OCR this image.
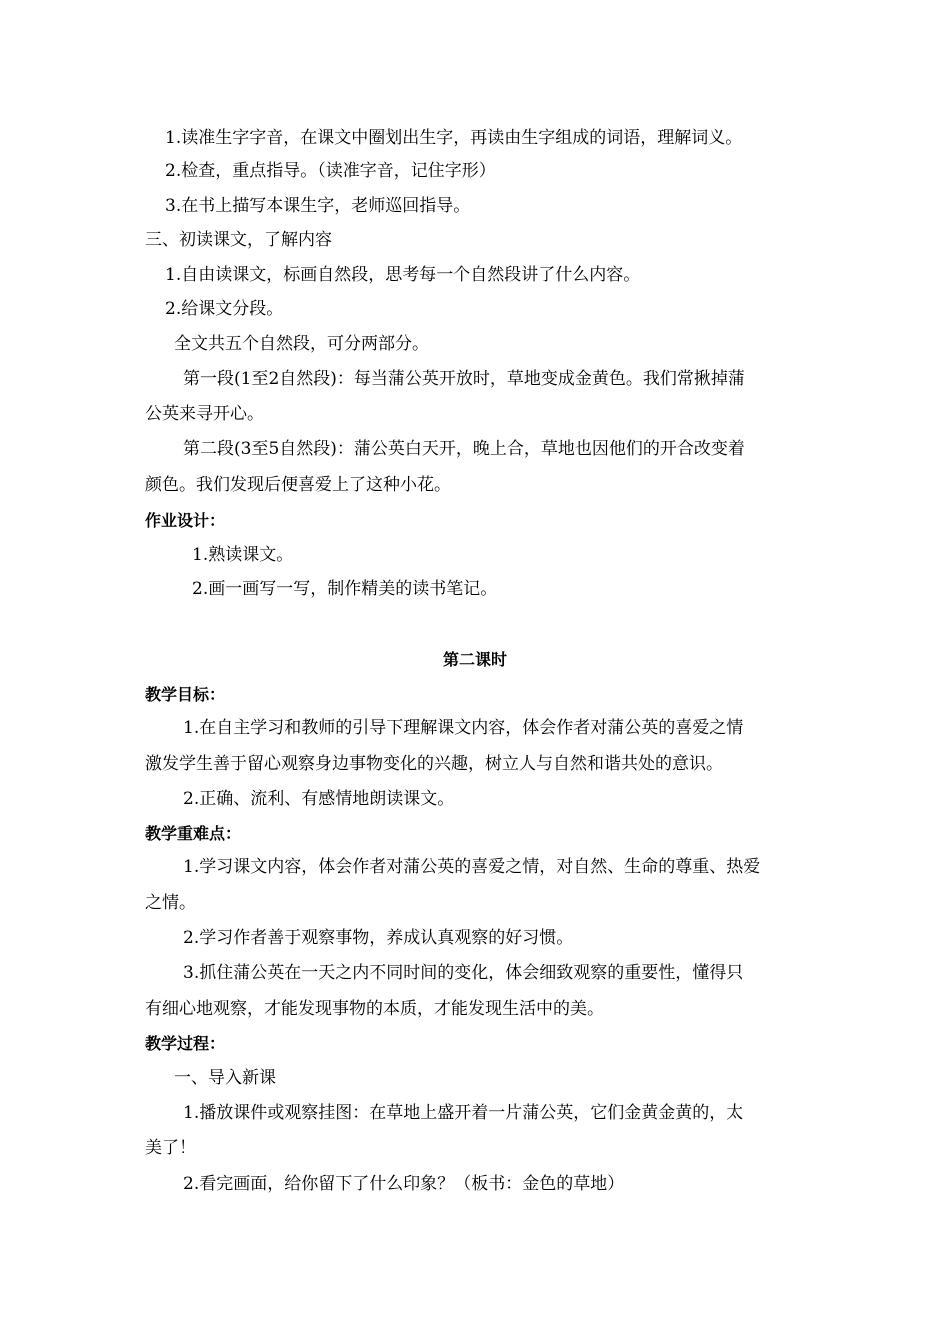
1.读准生字字音，在课文中圈划出生字，再读由生字组成的词语，理解词义。
2.检查，重点指导。（读准字音，记住字形）
3.在书上描写本课生字，老师巡回指导。
三、初读课文，了解内容
1.自由读课文，标画自然段，思考每一个自然段讲了什么内容。
2.给课文分段。
全文共五个自然段，可分两部分。
第一段(1至2自然段)：每当蒲公英开放时，草地变成金黄色。我们常揪掉蒲
公英来寻开心。
第二段(3至5自然段)：蒲公英白天开，晚上合，草地也因他们的开合改变着
颜色。我们发现后便喜爱上了这种小花。
作业设计：
1.熟读课文。
2.画一画写一写，制作精美的读书笔记。
第二课时
教学目标：
1.在自主学习和教师的引导下理解课文内容，体会作者对蒲公英的喜爱之情
激发学生善于留心观察身边事物变化的兴趣，树立人与自然和谐共处的意识。
2.正确、流利、有感情地朗读课文。
教学重难点：
1.学习课文内容，体会作者对蒲公英的喜爱之情，对自然、生命的尊重、热爱
之情。
2.学习作者善于观察事物，养成认真观察的好习惯。
3.抓住蒲公英在一天之内不同时间的变化，体会细致观察的重要性，懂得只
有细心地观察，才能发现事物的本质，才能发现生活中的美。
教学过程：
一、导入新课
1.播放课件或观察挂图：在草地上盛开着一片蒲公英，它们金黄金黄的，太
美了！
2.看完画面，给你留下了什么印象？（板书：金色的草地）
